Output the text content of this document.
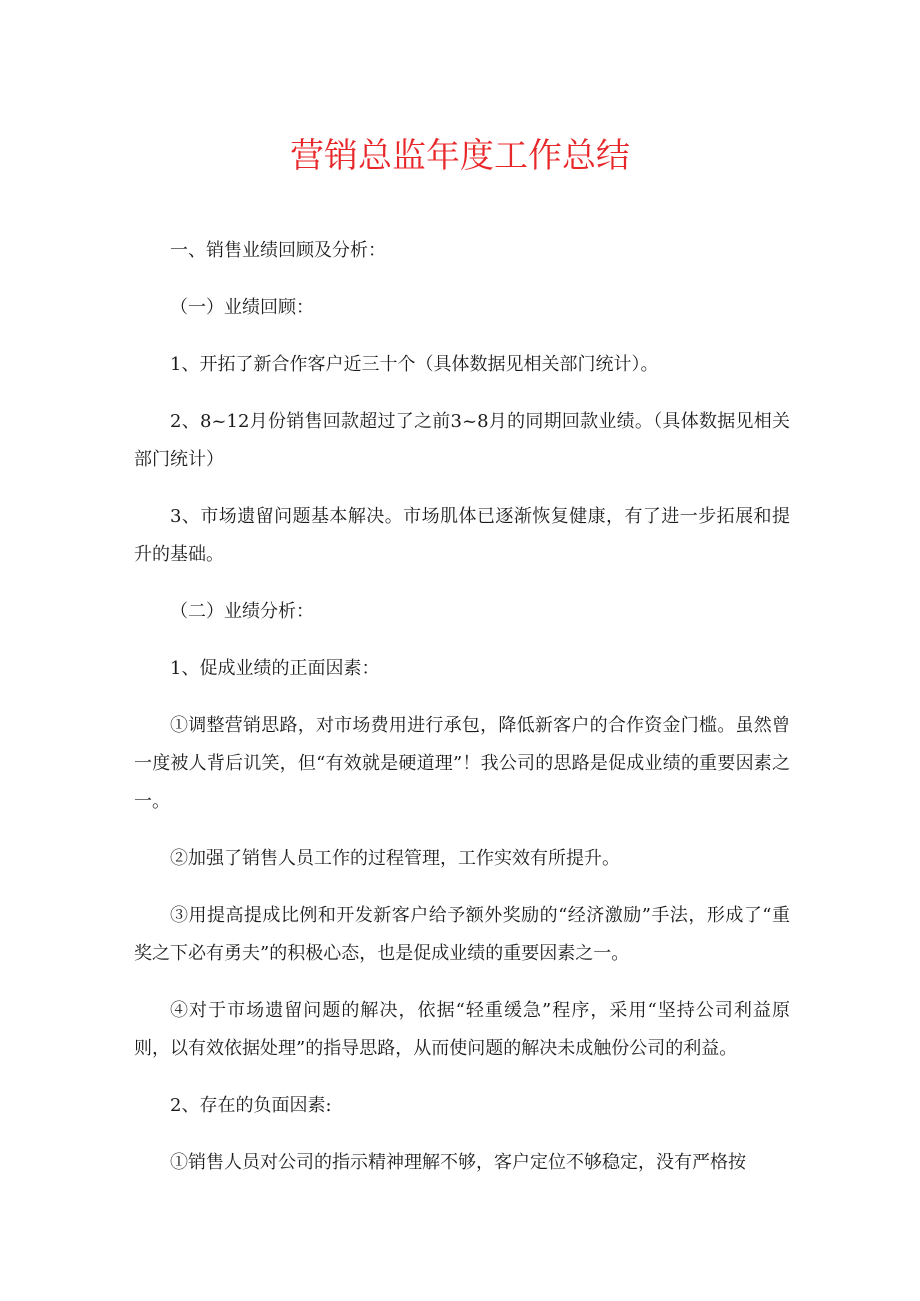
营销总监年度工作总结

一、销售业绩回顾及分析：

（一）业绩回顾：

1、开拓了新合作客户近三十个（具体数据见相关部门统计）。

2、8~12月份销售回款超过了之前3~8月的同期回款业绩。（具体数据见相关部门统计）

3、市场遗留问题基本解决。市场肌体已逐渐恢复健康，有了进一步拓展和提升的基础。

（二）业绩分析：

1、促成业绩的正面因素：

①调整营销思路，对市场费用进行承包，降低新客户的合作资金门槛。虽然曾一度被人背后讥笑，但“有效就是硬道理”！我公司的思路是促成业绩的重要因素之一。

②加强了销售人员工作的过程管理，工作实效有所提升。

③用提高提成比例和开发新客户给予额外奖励的“经济激励”手法，形成了“重奖之下必有勇夫”的积极心态，也是促成业绩的重要因素之一。

④对于市场遗留问题的解决，依据“轻重缓急”程序，采用“坚持公司利益原则，以有效依据处理”的指导思路，从而使问题的解决未成触份公司的利益。

2、存在的负面因素:

①销售人员对公司的指示精神理解不够，客户定位不够稳定，没有严格按
